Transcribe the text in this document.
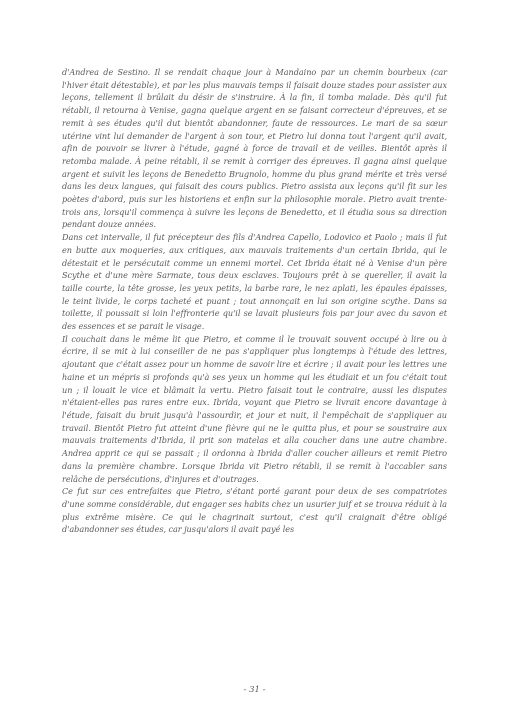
d'Andrea de Sestino. Il se rendait chaque jour à Mandaino par un chemin bourbeux (car l'hiver était détestable), et par les plus mauvais temps il faisait douze stades pour assister aux leçons, tellement il brûlait du désir de s'instruire. À la fin, il tomba malade. Dès qu'il fut rétabli, il retourna à Venise, gagna quelque argent en se faisant correcteur d'épreuves, et se remit à ses études qu'il dut bientôt abandonner, faute de ressources. Le mari de sa sœur utérine vint lui demander de l'argent à son tour, et Pietro lui donna tout l'argent qu'il avait, afin de pouvoir se livrer à l'étude, gagné à force de travail et de veilles. Bientôt après il retomba malade. À peine rétabli, il se remit à corriger des épreuves. Il gagna ainsi quelque argent et suivit les leçons de Benedetto Brugnolo, homme du plus grand mérite et très versé dans les deux langues, qui faisait des cours publics. Pietro assista aux leçons qu'il fit sur les poètes d'abord, puis sur les historiens et enfin sur la philosophie morale. Pietro avait trente-trois ans, lorsqu'il commença à suivre les leçons de Benedetto, et il étudia sous sa direction pendant douze années.

Dans cet intervalle, il fut précepteur des fils d'Andrea Capello, Lodovico et Paolo ; mais il fut en butte aux moqueries, aux critiques, aux mauvais traitements d'un certain Ibrida, qui le détestait et le persécutait comme un ennemi mortel. Cet Ibrida était né à Venise d'un père Scythe et d'une mère Sarmate, tous deux esclaves. Toujours prêt à se quereller, il avait la taille courte, la tête grosse, les yeux petits, la barbe rare, le nez aplati, les épaules épaisses, le teint livide, le corps tacheté et puant ; tout annonçait en lui son origine scythe. Dans sa toilette, il poussait si loin l'effronterie qu'il se lavait plusieurs fois par jour avec du savon et des essences et se parait le visage.

Il couchait dans le même lit que Pietro, et comme il le trouvait souvent occupé à lire ou à écrire, il se mit à lui conseiller de ne pas s'appliquer plus longtemps à l'étude des lettres, ajoutant que c'était assez pour un homme de savoir lire et écrire ; il avait pour les lettres une haine et un mépris si profonds qu'à ses yeux un homme qui les étudiait et un fou c'était tout un ; il louait le vice et blâmait la vertu. Pietro faisait tout le contraire, aussi les disputes n'étaient-elles pas rares entre eux. Ibrida, voyant que Pietro se livrait encore davantage à l'étude, faisait du bruit jusqu'à l'assourdir, et jour et nuit, il l'empêchait de s'appliquer au travail. Bientôt Pietro fut atteint d'une fièvre qui ne le quitta plus, et pour se soustraire aux mauvais traitements d'Ibrida, il prit son matelas et alla coucher dans une autre chambre. Andrea apprit ce qui se passait ; il ordonna à Ibrida d'aller coucher ailleurs et remit Pietro dans la première chambre. Lorsque Ibrida vit Pietro rétabli, il se remit à l'accabler sans relâche de persécutions, d'injures et d'outrages.

Ce fut sur ces entrefaites que Pietro, s'étant porté garant pour deux de ses compatriotes d'une somme considérable, dut engager ses habits chez un usurier juif et se trouva réduit à la plus extrême misère. Ce qui le chagrinait surtout, c'est qu'il craignait d'être obligé d'abandonner ses études, car jusqu'alors il avait payé les

- 31 -
